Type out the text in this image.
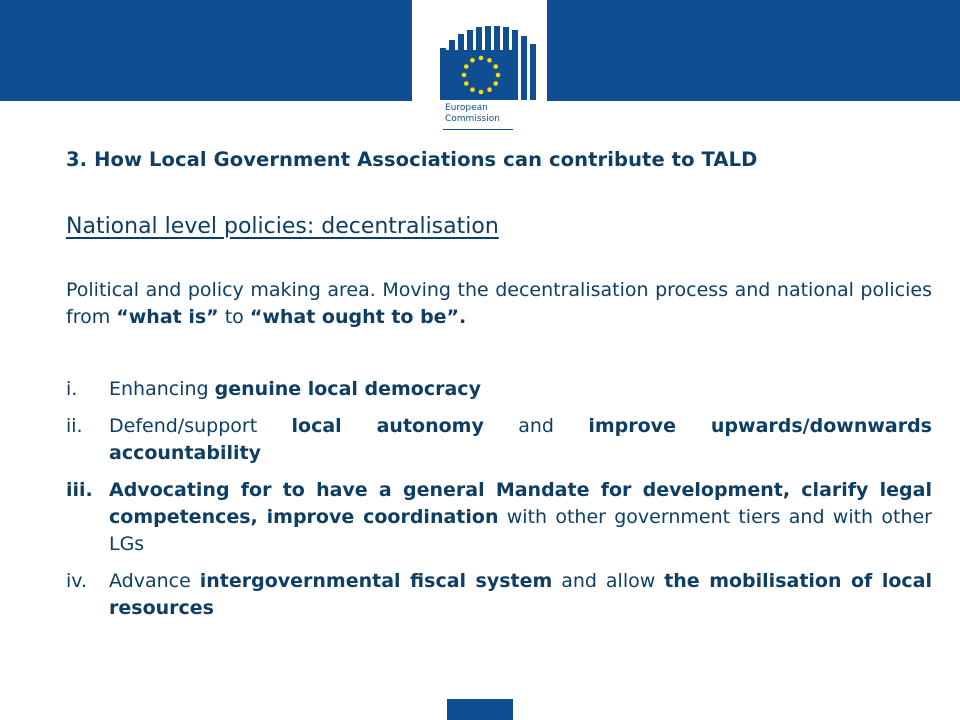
European
Commission
3. How Local Government Associations can contribute to TALD
National level policies: decentralisation
Political and policy making area. Moving the decentralisation process and national policies from “what is” to “what ought to be”.
i. Enhancing genuine local democracy
ii. Defend/support local autonomy and improve upwards/downwards accountability
iii. Advocating for to have a general Mandate for development, clarify legal competences, improve coordination with other government tiers and with other LGs
iv. Advance intergovernmental fiscal system and allow the mobilisation of local resources
